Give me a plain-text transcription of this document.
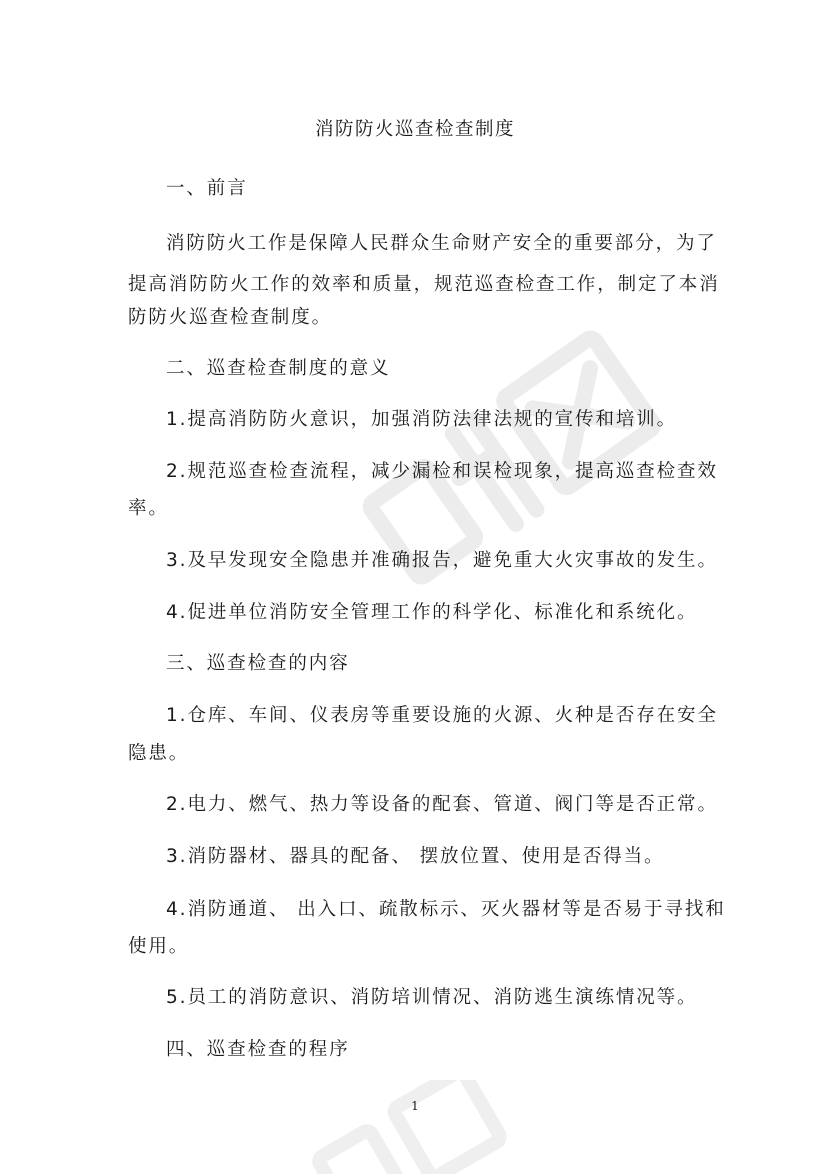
消防防火巡查检查制度
一、前言
消防防火工作是保障人民群众生命财产安全的重要部分，为了
提高消防防火工作的效率和质量，规范巡查检查工作，制定了本消
防防火巡查检查制度。
二、巡查检查制度的意义
1.提高消防防火意识，加强消防法律法规的宣传和培训。
2.规范巡查检查流程，减少漏检和误检现象，提高巡查检查效
率。
3.及早发现安全隐患并准确报告，避免重大火灾事故的发生。
4.促进单位消防安全管理工作的科学化、标准化和系统化。
三、巡查检查的内容
1.仓库、车间、仪表房等重要设施的火源、火种是否存在安全
隐患。
2.电力、燃气、热力等设备的配套、管道、阀门等是否正常。
3.消防器材、器具的配备、 摆放位置、使用是否得当。
4.消防通道、 出入口、疏散标示、灭火器材等是否易于寻找和
使用。
5.员工的消防意识、消防培训情况、消防逃生演练情况等。
四、巡查检查的程序
1
